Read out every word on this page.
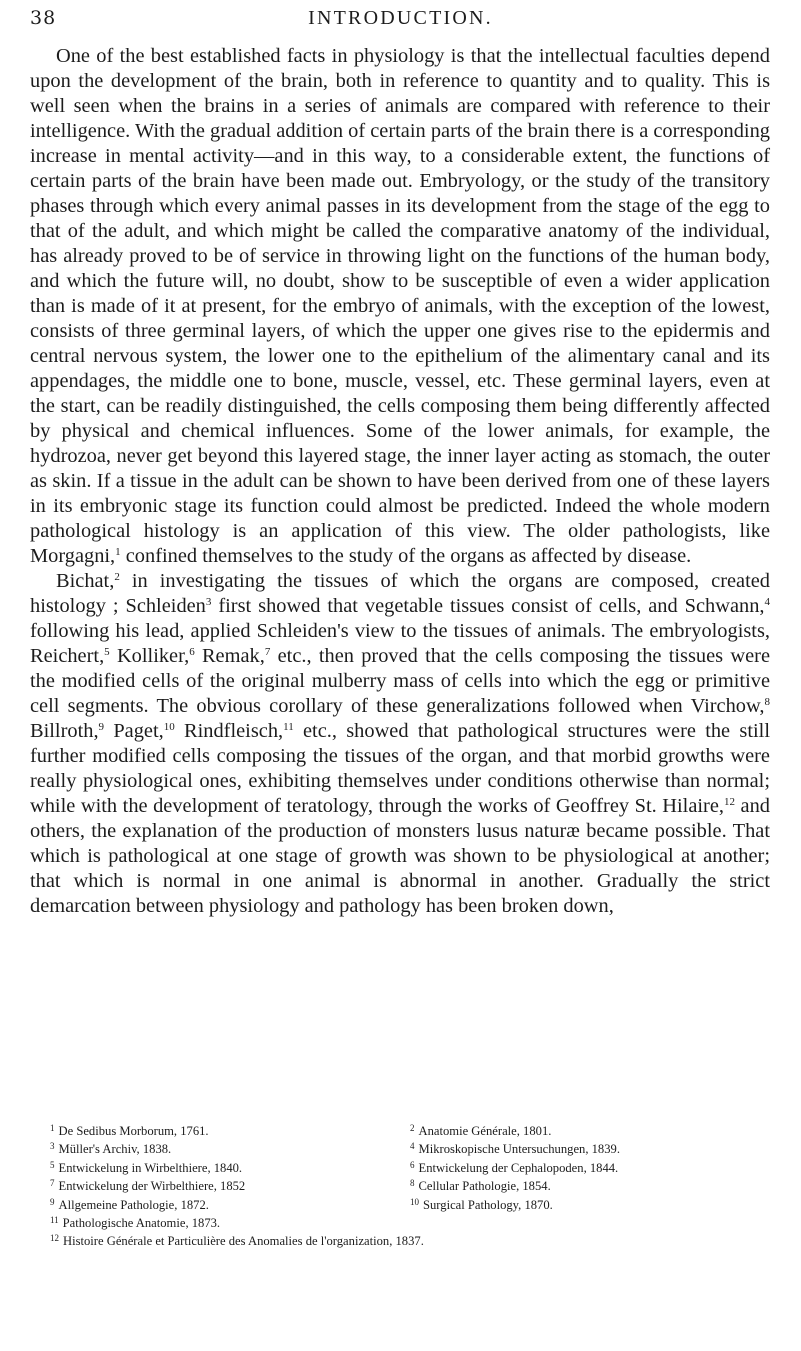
38	INTRODUCTION.

One of the best established facts in physiology is that the intellectual faculties depend upon the development of the brain, both in reference to quantity and to quality. This is well seen when the brains in a series of animals are compared with reference to their intelligence. With the gradual addition of certain parts of the brain there is a corresponding increase in mental activity—and in this way, to a considerable extent, the functions of certain parts of the brain have been made out. Embryology, or the study of the transitory phases through which every animal passes in its development from the stage of the egg to that of the adult, and which might be called the comparative anatomy of the individual, has already proved to be of service in throwing light on the functions of the human body, and which the future will, no doubt, show to be susceptible of even a wider application than is made of it at present, for the embryo of animals, with the exception of the lowest, consists of three germinal layers, of which the upper one gives rise to the epidermis and central nervous system, the lower one to the epithelium of the alimentary canal and its appendages, the middle one to bone, muscle, vessel, etc. These germinal layers, even at the start, can be readily distinguished, the cells composing them being differently affected by physical and chemical influences. Some of the lower animals, for example, the hydrozoa, never get beyond this layered stage, the inner layer acting as stomach, the outer as skin. If a tissue in the adult can be shown to have been derived from one of these layers in its embryonic stage its function could almost be predicted. Indeed the whole modern pathological histology is an application of this view. The older pathologists, like Morgagni,$^1$ confined themselves to the study of the organs as affected by disease.

Bichat,$^2$ in investigating the tissues of which the organs are composed, created histology ; Schleiden$^3$ first showed that vegetable tissues consist of cells, and Schwann,$^4$ following his lead, applied Schleiden's view to the tissues of animals. The embryologists, Reichert,$^5$ Kolliker,$^6$ Remak,$^7$ etc., then proved that the cells composing the tissues were the modified cells of the original mulberry mass of cells into which the egg or primitive cell segments. The obvious corollary of these generalizations followed when Virchow,$^8$ Billroth,$^9$ Paget,$^{10}$ Rindfleisch,$^{11}$ etc., showed that pathological structures were the still further modified cells composing the tissues of the organ, and that morbid growths were really physiological ones, exhibiting themselves under conditions otherwise than normal; while with the development of teratology, through the works of Geoffrey St. Hilaire,$^{12}$ and others, the explanation of the production of monsters lusus naturæ became possible. That which is pathological at one stage of growth was shown to be physiological at another; that which is normal in one animal is abnormal in another. Gradually the strict demarcation between physiology and pathology has been broken down,

$^1$ De Sedibus Morborum, 1761.	$^2$ Anatomie Générale, 1801.
$^3$ Müller's Archiv, 1838.	$^4$ Mikroskopische Untersuchungen, 1839.
$^5$ Entwickelung in Wirbelthiere, 1840.	$^6$ Entwickelung der Cephalopoden, 1844.
$^7$ Entwickelung der Wirbelthiere, 1852	$^8$ Cellular Pathologie, 1854.
$^9$ Allgemeine Pathologie, 1872.	$^{10}$ Surgical Pathology, 1870.
$^{11}$ Pathologische Anatomie, 1873.
$^{12}$ Histoire Générale et Particulière des Anomalies de l'organization, 1837.
